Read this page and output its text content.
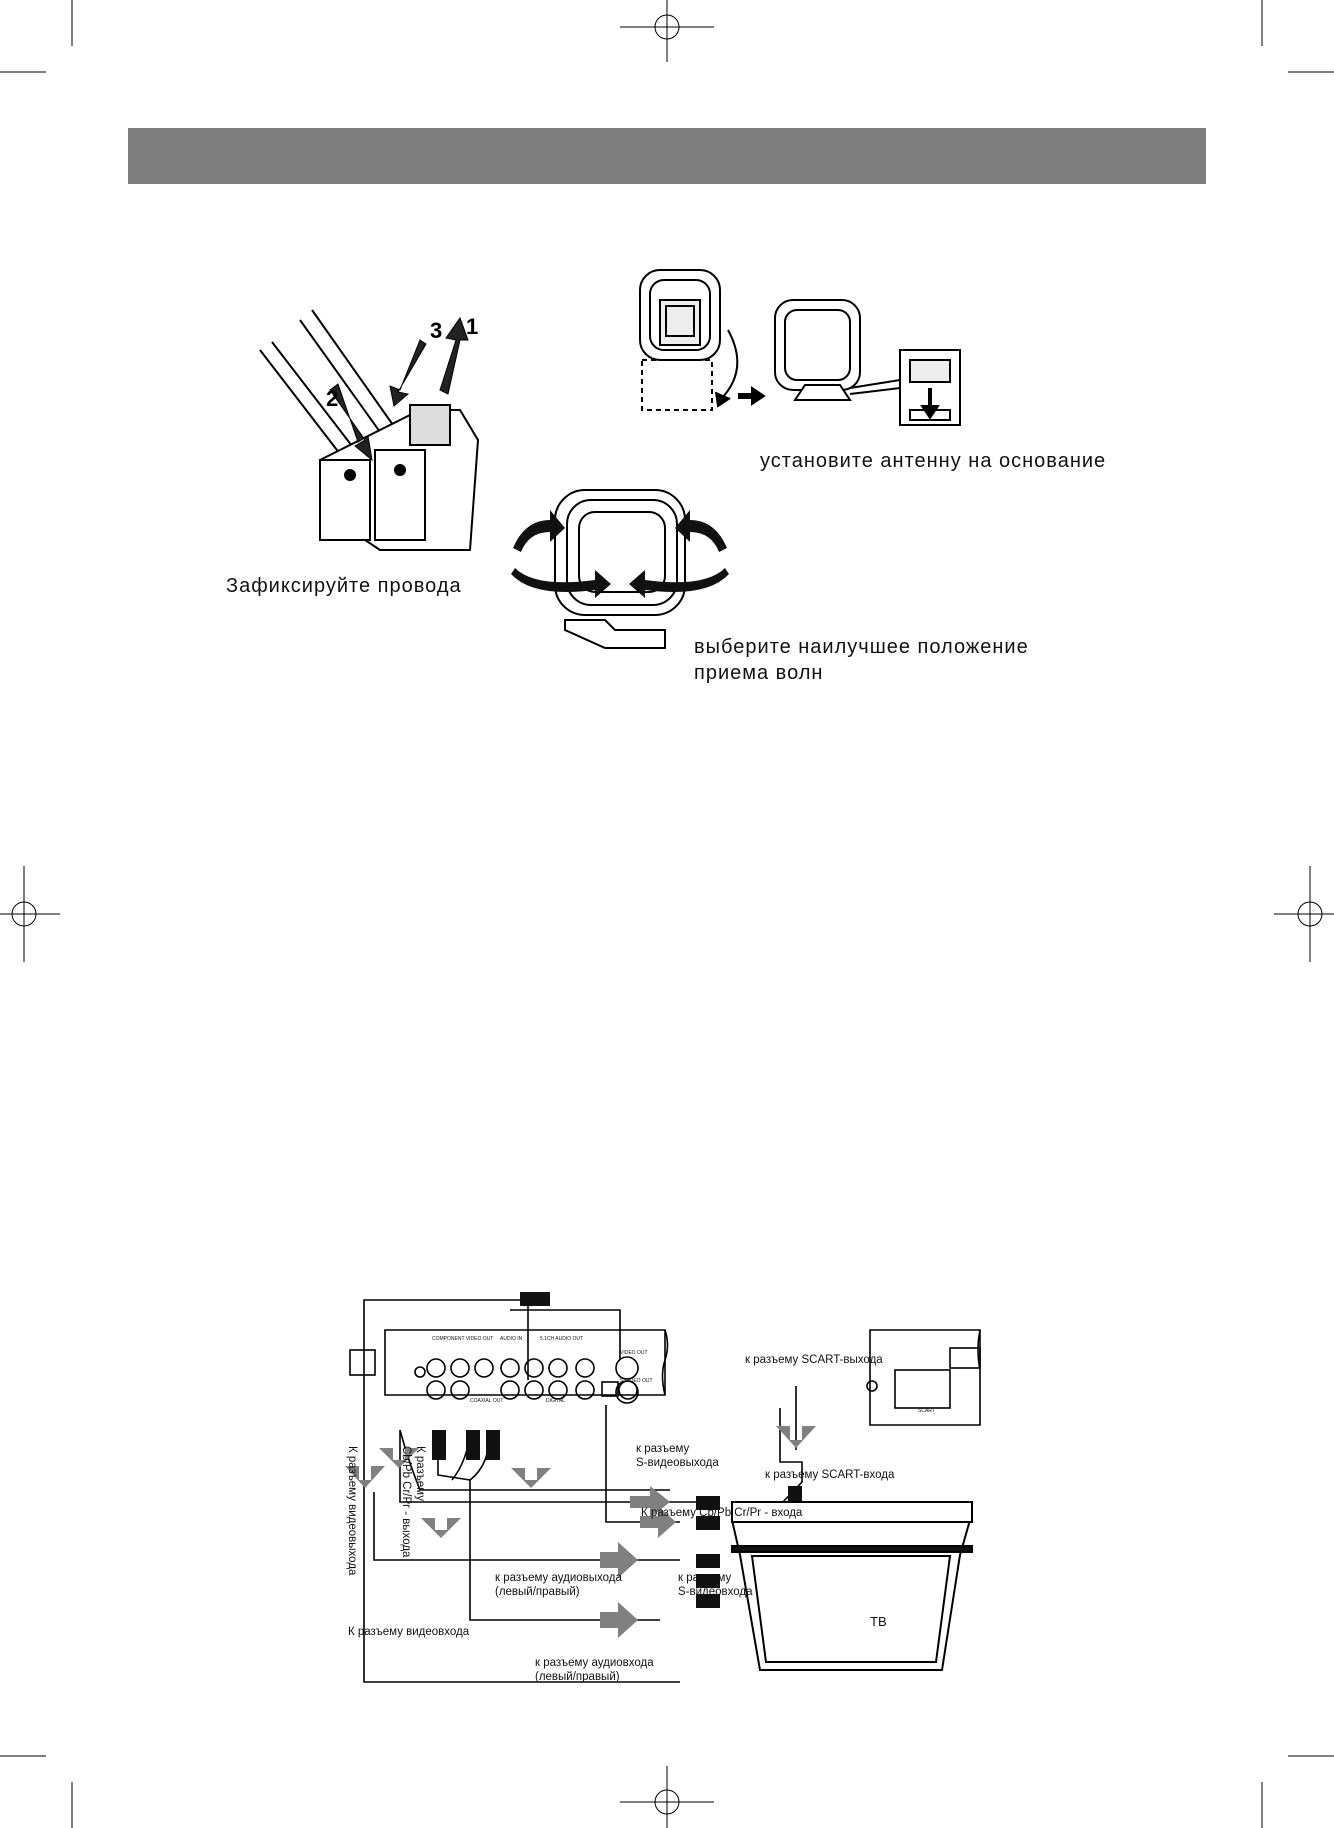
3 1
2
Зафиксируйте провода
установите антенну на основание
выберите наилучшее положение
приема волн
COMPONENT VIDEO OUT AUDIO IN	5.1CH AUDIO OUT
COAXIAL OUT	DIGITAL
VIDEO OUT
S-VIDEO OUT
SCART
к разъему SCART-выхода
к разъему SCART-входа
к разъему
S-видеовыхода
К разъему Cb/Pb Cr/Pr - входа
к разъему аудиовыхода
(левый/правый)
к разъему
S-видеовхода
К разъему видеовхода
к разъему аудиовхода
(левый/правый)
ТВ
К разъему видеовыхода	К разъему
Cb/Pb Cr/Pr - выхода
